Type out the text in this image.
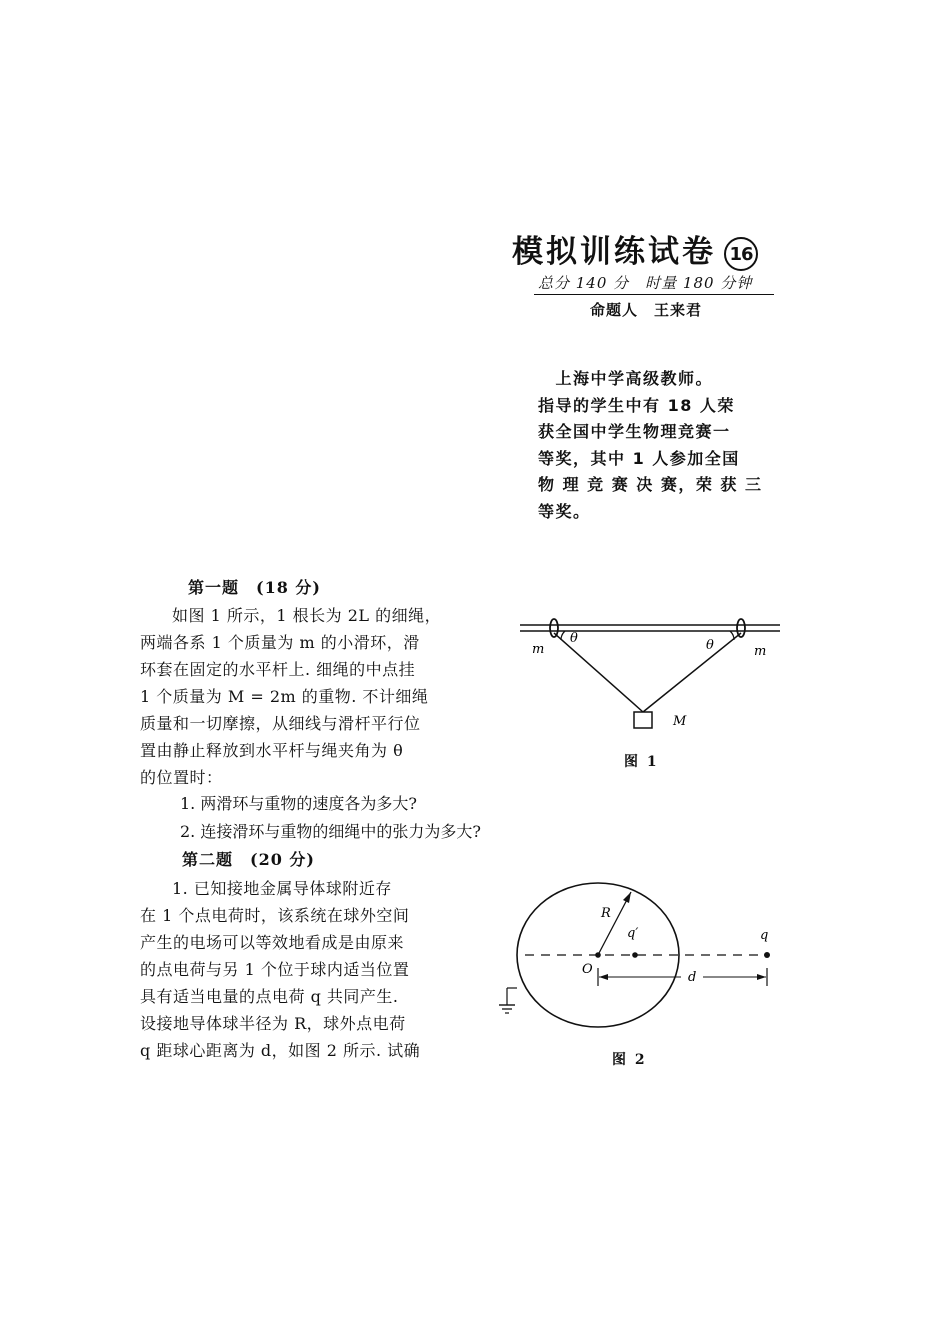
模拟训练试卷 16
总分 140 分　时量 180 分钟
命题人　王来君
　上海中学高级教师。
指导的学生中有 18 人荣
获全国中学生物理竞赛一
等奖，其中 1 人参加全国
物 理 竞 赛 决 赛，荣 获 三
等奖。
第一题　(18 分)
如图 1 所示，1 根长为 2L 的细绳，
两端各系 1 个质量为 m 的小滑环，滑
环套在固定的水平杆上. 细绳的中点挂
1 个质量为 M = 2m 的重物. 不计细绳
质量和一切摩擦，从细线与滑杆平行位
置由静止释放到水平杆与绳夹角为 θ
的位置时：
1. 两滑环与重物的速度各为多大?
2. 连接滑环与重物的细绳中的张力为多大?
m	m
θ	θ
M
图 1
第二题　(20 分)
1. 已知接地金属导体球附近存
在 1 个点电荷时，该系统在球外空间
产生的电场可以等效地看成是由原来
的点电荷与另 1 个位于球内适当位置
具有适当电量的点电荷 q 共同产生.
设接地导体球半径为 R，球外点电荷
q 距球心距离为 d，如图 2 所示. 试确
R
q′	q
O
d
图 2
